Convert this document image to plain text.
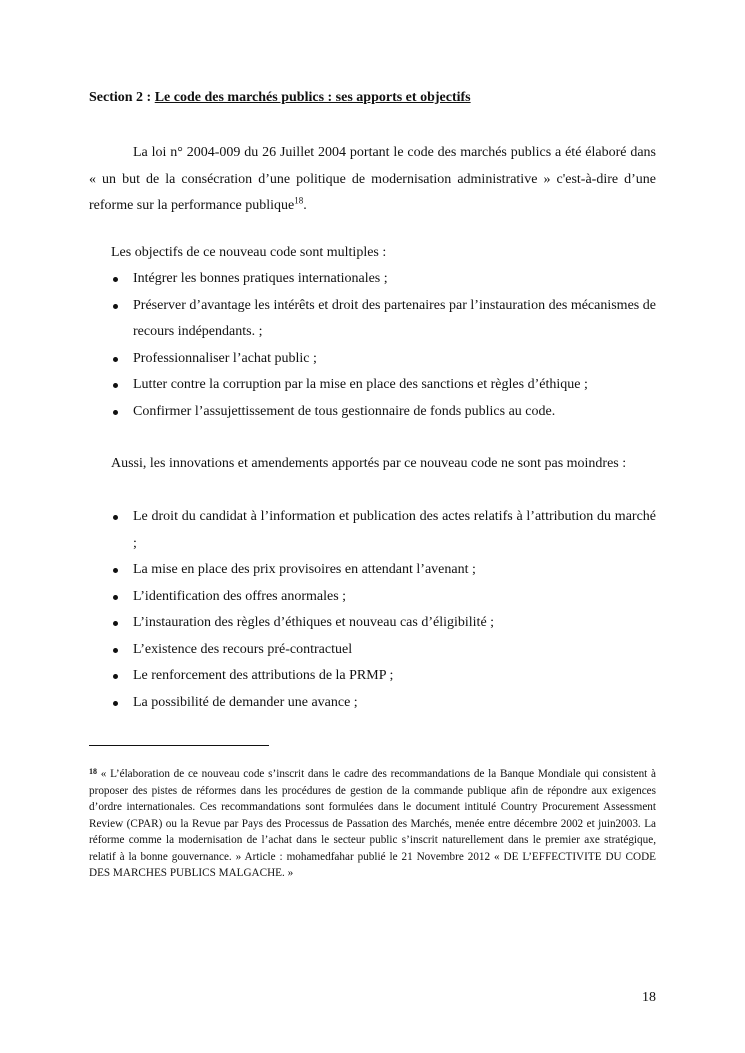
Section 2 : Le code des marchés publics : ses apports et objectifs

La loi n° 2004-009 du 26 Juillet 2004 portant le code des marchés publics a été élaboré dans « un but de la consécration d’une politique de modernisation administrative » c'est-à-dire d’une reforme sur la performance publique$^{18}$.

Les objectifs de ce nouveau code sont multiples :

Intégrer les bonnes pratiques internationales ;
Préserver d’avantage les intérêts et droit des partenaires par l’instauration des mécanismes de recours indépendants. ;
Professionnaliser l’achat public ;
Lutter contre la corruption par la mise en place des sanctions et règles d’éthique ;
Confirmer l’assujettissement de tous gestionnaire de fonds publics au code.

Aussi, les innovations et amendements apportés par ce nouveau code ne sont pas moindres :

Le droit du candidat à l’information et publication des actes relatifs à l’attribution du marché ;
La mise en place des prix provisoires en attendant l’avenant ;
L’identification des offres anormales ;
L’instauration des règles d’éthiques et nouveau cas d’éligibilité ;
L’existence des recours pré-contractuel
Le renforcement des attributions de la PRMP ;
La possibilité de demander une avance ;

$^{18}$ « L’élaboration de ce nouveau code s’inscrit dans le cadre des recommandations de la Banque Mondiale qui consistent à proposer des pistes de réformes dans les procédures de gestion de la commande publique afin de répondre aux exigences d’ordre internationales. Ces recommandations sont formulées dans le document intitulé Country Procurement Assessment Review (CPAR) ou la Revue par Pays des Processus de Passation des Marchés, menée entre décembre 2002 et juin2003. La réforme comme la modernisation de l’achat dans le secteur public s’inscrit naturellement dans le premier axe stratégique, relatif à la bonne gouvernance. » Article : mohamedfahar publié le 21 Novembre 2012 « DE L’EFFECTIVITE DU CODE DES MARCHES PUBLICS MALGACHE. »

18
